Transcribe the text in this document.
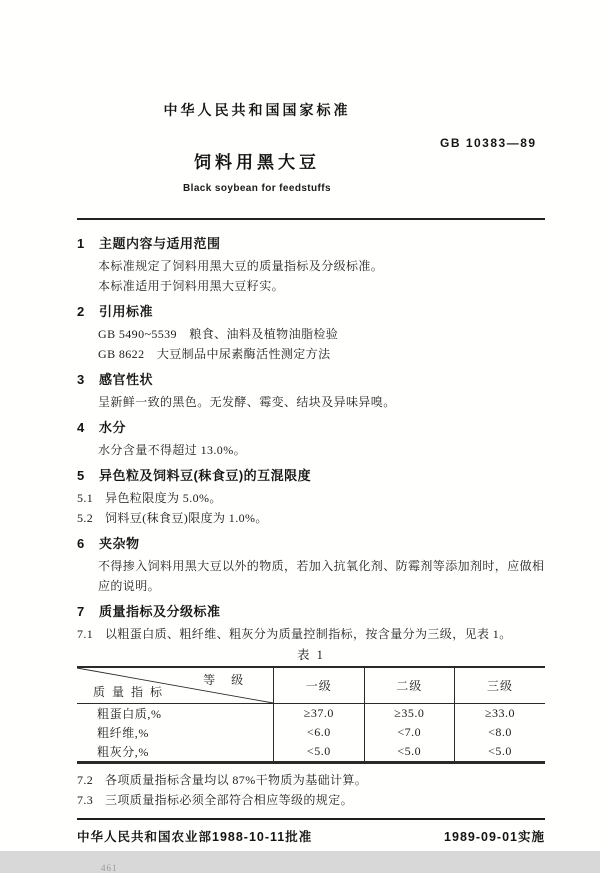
GB 10383—89
中华人民共和国国家标准
饲料用黑大豆
Black soybean for feedstuffs
1 主题内容与适用范围

本标准规定了饲料用黑大豆的质量指标及分级标准。

本标准适用于饲料用黑大豆籽实。

2 引用标准

GB 5490~5539　粮食、油料及植物油脂检验

GB 8622　大豆制品中尿素酶活性测定方法

3 感官性状

呈新鲜一致的黑色。无发酵、霉变、结块及异味异嗅。

4 水分

水分含量不得超过 13.0%。

5 异色粒及饲料豆(秣食豆)的互混限度
5.1 异色粒限度为 5.0%。
5.2 饲料豆(秣食豆)限度为 1.0%。
6 夹杂物

不得掺入饲料用黑大豆以外的物质，若加入抗氧化剂、防霉剂等添加剂时，应做相应的说明。

7 质量指标及分级标准
7.1 以粗蛋白质、粗纤维、粗灰分为质量控制指标，按含量分为三级，见表 1。
表 1
等　级
质 量 指 标	一级	二级	三级
粗蛋白质,%	≥37.0	≥35.0	≥33.0
粗纤维,%	<6.0	<7.0	<8.0
粗灰分,%	<5.0	<5.0	<5.0
7.2 各项质量指标含量均以 87%干物质为基础计算。
7.3 三项质量指标必须全部符合相应等级的规定。
中华人民共和国农业部1988-10-11批准	1989-09-01实施
461
